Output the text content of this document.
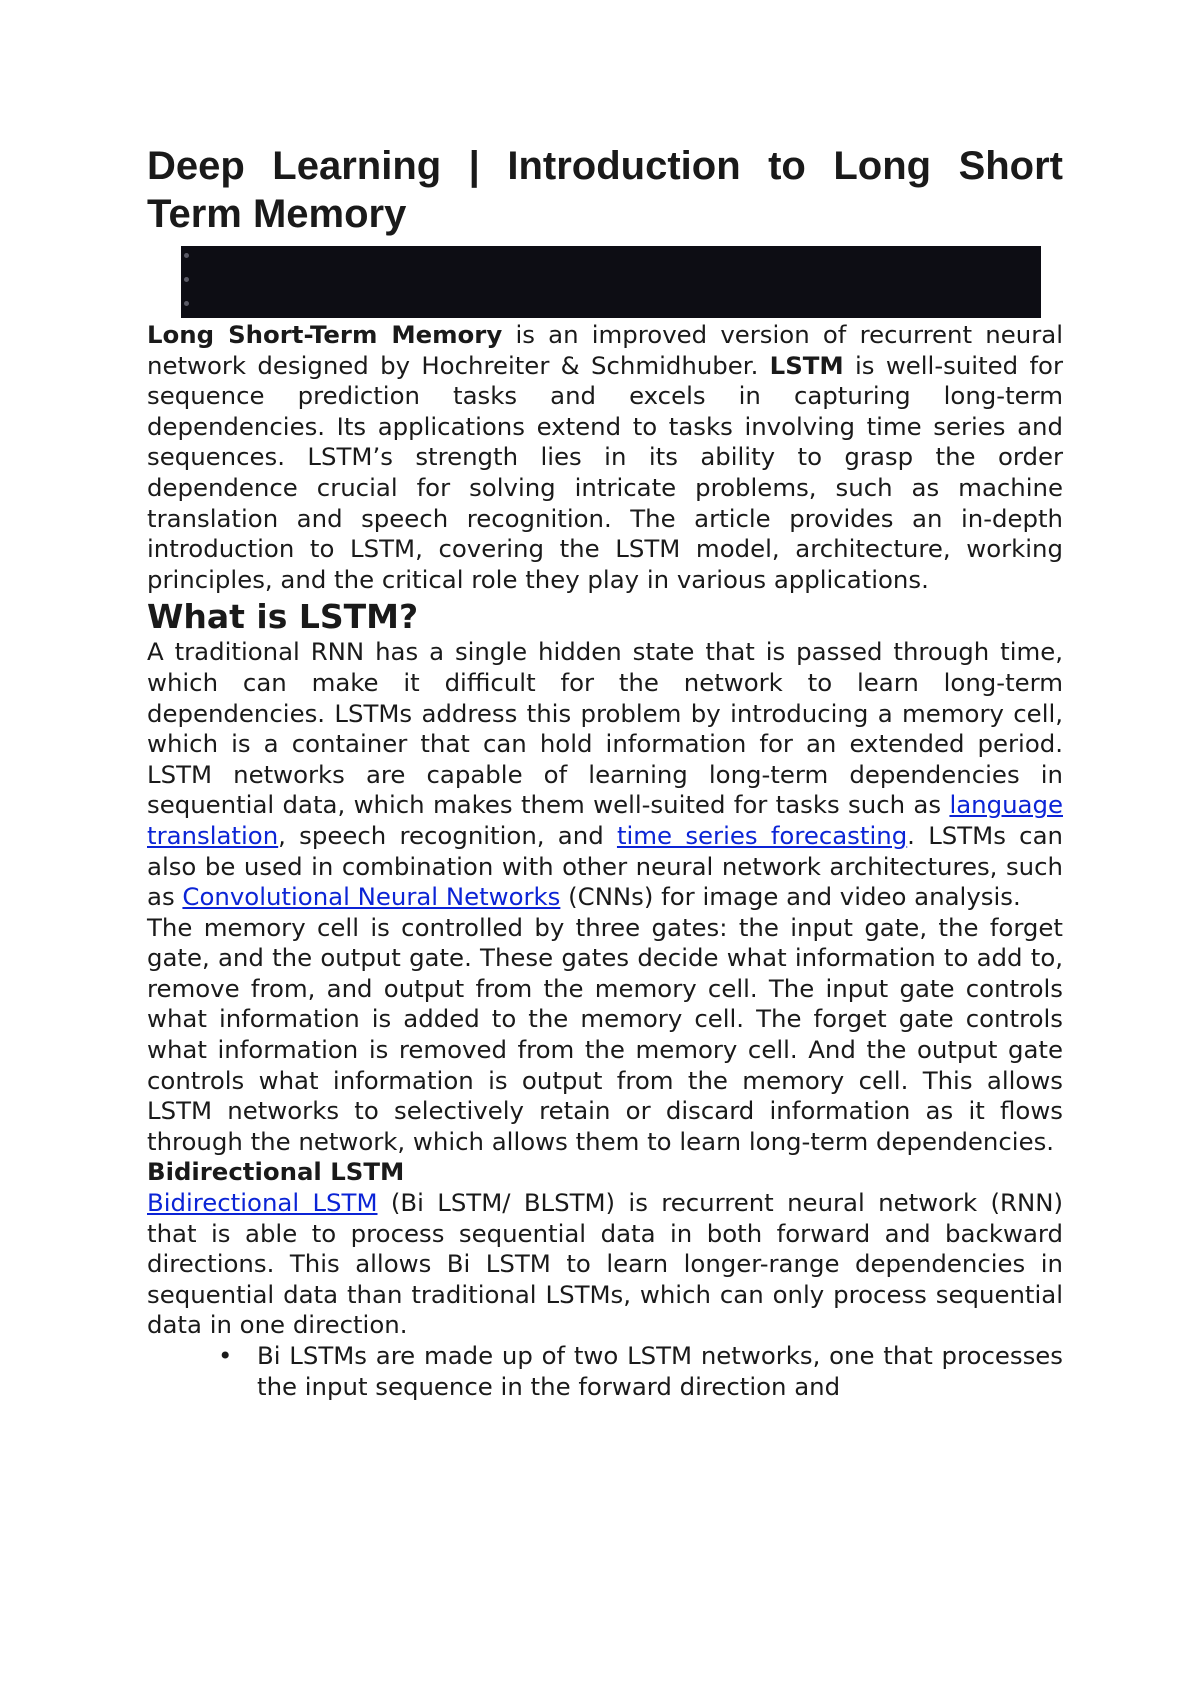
Deep Learning | Introduction to Long Short Term Memory

Long Short-Term Memory is an improved version of recurrent neural network designed by Hochreiter & Schmidhuber. LSTM is well-suited for sequence prediction tasks and excels in capturing long-term dependencies. Its applications extend to tasks involving time series and sequences. LSTM’s strength lies in its ability to grasp the order dependence crucial for solving intricate problems, such as machine translation and speech recognition. The article provides an in-depth introduction to LSTM, covering the LSTM model, architecture, working principles, and the critical role they play in various applications.

What is LSTM?

A traditional RNN has a single hidden state that is passed through time, which can make it difficult for the network to learn long-term dependencies. LSTMs address this problem by introducing a memory cell, which is a container that can hold information for an extended period. LSTM networks are capable of learning long-term dependencies in sequential data, which makes them well-suited for tasks such as language translation, speech recognition, and time series forecasting. LSTMs can also be used in combination with other neural network architectures, such as Convolutional Neural Networks (CNNs) for image and video analysis.

The memory cell is controlled by three gates: the input gate, the forget gate, and the output gate. These gates decide what information to add to, remove from, and output from the memory cell. The input gate controls what information is added to the memory cell. The forget gate controls what information is removed from the memory cell. And the output gate controls what information is output from the memory cell. This allows LSTM networks to selectively retain or discard information as it flows through the network, which allows them to learn long-term dependencies.

Bidirectional LSTM

Bidirectional LSTM (Bi LSTM/ BLSTM) is recurrent neural network (RNN) that is able to process sequential data in both forward and backward directions. This allows Bi LSTM to learn longer-range dependencies in sequential data than traditional LSTMs, which can only process sequential data in one direction.

• Bi LSTMs are made up of two LSTM networks, one that processes the input sequence in the forward direction and
